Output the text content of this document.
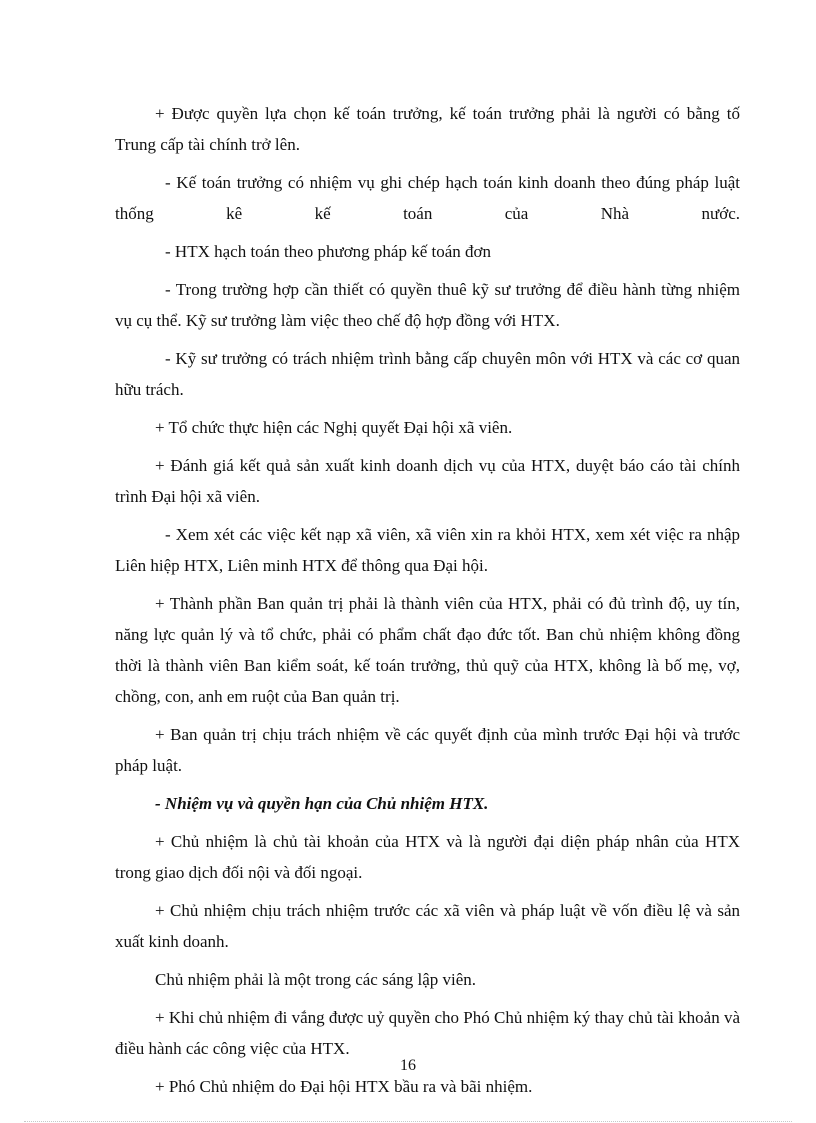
+ Được quyền lựa chọn kế toán trưởng, kế toán trưởng phải là người có bằng tố Trung cấp tài chính trở lên.

- Kế toán trưởng có nhiệm vụ ghi chép hạch toán kinh doanh theo đúng pháp luật thống kê kế toán của Nhà nước.

- HTX hạch toán theo phương pháp kế toán đơn

- Trong trường hợp cần thiết có quyền thuê kỹ sư trưởng để điều hành từng nhiệm vụ cụ thể. Kỹ sư trưởng làm việc theo chế độ hợp đồng với HTX.

- Kỹ sư trưởng có trách nhiệm trình bằng cấp chuyên môn với HTX và các cơ quan hữu trách.

+ Tổ chức thực hiện các Nghị quyết Đại hội xã viên.

+ Đánh giá kết quả sản xuất kinh doanh dịch vụ của HTX, duyệt báo cáo tài chính trình Đại hội xã viên.

- Xem xét các việc kết nạp xã viên, xã viên xin ra khỏi HTX, xem xét việc ra nhập Liên hiệp HTX, Liên minh HTX để thông qua Đại hội.

+ Thành phần Ban quản trị phải là thành viên của HTX, phải có đủ trình độ, uy tín, năng lực quản lý và tổ chức, phải có phẩm chất đạo đức tốt. Ban chủ nhiệm không đồng thời là thành viên Ban kiểm soát, kế toán trưởng, thủ quỹ của HTX, không là bố mẹ, vợ, chồng, con, anh em ruột của Ban quản trị.

+ Ban quản trị chịu trách nhiệm về các quyết định của mình trước Đại hội và trước pháp luật.

- Nhiệm vụ và quyền hạn của Chủ nhiệm HTX.

+ Chủ nhiệm là chủ tài khoản của HTX và là người đại diện pháp nhân của HTX trong giao dịch đối nội và đối ngoại.

+ Chủ nhiệm chịu trách nhiệm trước các xã viên và pháp luật về vốn điều lệ và sản xuất kinh doanh.

Chủ nhiệm phải là một trong các sáng lập viên.

+ Khi chủ nhiệm đi vắng được uỷ quyền cho Phó Chủ nhiệm ký thay chủ tài khoản và điều hành các công việc của HTX.

+ Phó Chủ nhiệm do Đại hội HTX bầu ra và bãi nhiệm.

16
